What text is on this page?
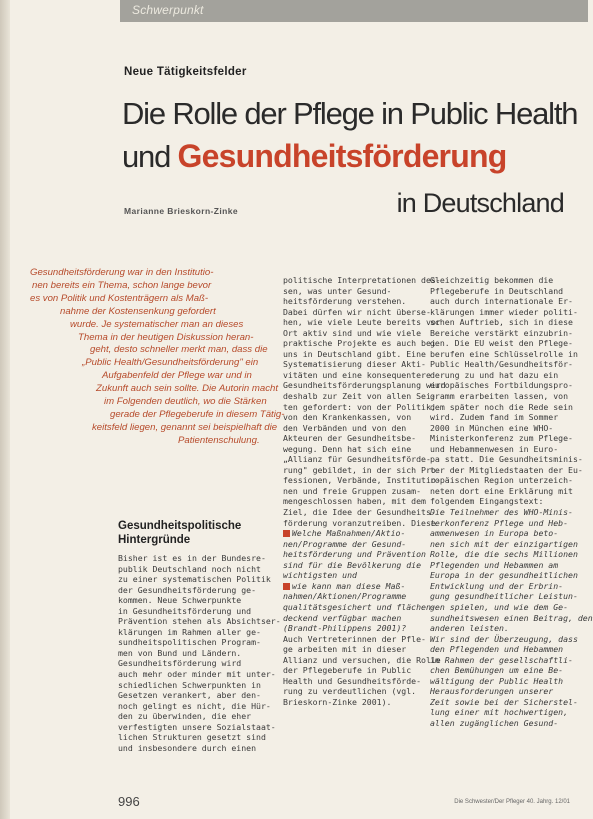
Schwerpunkt
Neue Tätigkeitsfelder
Die Rolle der Pflege in Public Health
und Gesundheitsförderung
in Deutschland
Marianne Brieskorn-Zinke
Gesundheitsförderung war in den Institutio-
nen bereits ein Thema, schon lange bevor
es von Politik und Kostenträgern als Maß-
nahme der Kostensenkung gefordert
wurde. Je systematischer man an dieses
Thema in der heutigen Diskussion heran-
geht, desto schneller merkt man, dass die
„Public Health/Gesundheitsförderung" ein
Aufgabenfeld der Pflege war und in
Zukunft auch sein sollte. Die Autorin macht
im Folgenden deutlich, wo die Stärken
gerade der Pflegeberufe in diesem Tätig-
keitsfeld liegen, genannt sei beispielhaft die
Patientenschulung.
Gesundheitspolitische Hintergründe
Bisher ist es in der Bundesre-
publik Deutschland noch nicht
zu einer systematischen Politik
der Gesundheitsförderung ge-
kommen. Neue Schwerpunkte
in Gesundheitsförderung und
Prävention stehen als Absichtser-
klärungen im Rahmen aller ge-
sundheitspolitischen Program-
men von Bund und Ländern.
Gesundheitsförderung wird
auch mehr oder minder mit unter-
schiedlichen Schwerpunkten in
Gesetzen verankert, aber den-
noch gelingt es nicht, die Hür-
den zu überwinden, die eher
verfestigten unsere Sozialstaat-
lichen Strukturen gesetzt sind
und insbesondere durch einen
politische Interpretationen des-
sen, was unter Gesund-
heitsförderung verstehen.
Dabei dürfen wir nicht überse-
hen, wie viele Leute bereits vor
Ort aktiv sind und wie viele
praktische Projekte es auch bei
uns in Deutschland gibt. Eine
Systematisierung dieser Akti-
vitäten und eine konsequentere
Gesundheitsförderungsplanung wird
deshalb zur Zeit von allen Sei-
ten gefordert: von der Politik,
von den Krankenkassen, von
den Verbänden und von den
Akteuren der Gesundheitsbe-
wegung. Denn hat sich eine
„Allianz für Gesundheitsförde-
rung" gebildet, in der sich Pro-
fessionen, Verbände, Institutio-
nen und freie Gruppen zusam-
mengeschlossen haben, mit dem
Ziel, die Idee der Gesundheits-
förderung voranzutreiben. Diese
Welche Maßnahmen/Aktio-
nen/Programme der Gesund-
heitsförderung und Prävention
sind für die Bevölkerung die
wichtigsten und
wie kann man diese Maß-
nahmen/Aktionen/Programme
qualitätsgesichert und flächen-
deckend verfügbar machen
(Brandt-Philippens 2001)?
Auch Vertreterinnen der Pfle-
ge arbeiten mit in dieser
Allianz und versuchen, die Rolle
der Pflegeberufe in Public
Health und Gesundheitsförde-
rung zu verdeutlichen (vgl.
Brieskorn-Zinke 2001).
Gleichzeitig bekommen die
Pflegeberufe in Deutschland
auch durch internationale Er-
klärungen immer wieder politi-
schen Auftrieb, sich in diese
Bereiche verstärkt einzubrin-
gen. Die EU weist den Pflege-
berufen eine Schlüsselrolle in
Public Health/Gesundheitsför-
derung zu und hat dazu ein
europäisches Fortbildungspro-
gramm erarbeiten lassen, von
dem später noch die Rede sein
wird. Zudem fand im Sommer
2000 in München eine WHO-
Ministerkonferenz zum Pflege-
und Hebammenwesen in Euro-
pa statt. Die Gesundheitsminis-
ter der Mitgliedstaaten der Eu-
ropäischen Region unterzeich-
neten dort eine Erklärung mit
folgendem Eingangstext:
Die Teilnehmer des WHO-Minis-
terkonferenz Pflege und Heb-
ammenwesen in Europa beto-
nen sich mit der einzigartigen
Rolle, die die sechs Millionen
Pflegenden und Hebammen am
Europa in der gesundheitlichen
Entwicklung und der Erbrin-
gung gesundheitlicher Leistun-
gen spielen, und wie dem Ge-
sundheitswesen einen Beitrag, den
anderen leisten.
Wir sind der Überzeugung, dass
den Pflegenden und Hebammen
im Rahmen der gesellschaftli-
chen Bemühungen um eine Be-
wältigung der Public Health
Herausforderungen unserer
Zeit sowie bei der Sicherstel-
lung einer mit hochwertigen,
allen zugänglichen Gesund-
996	Die Schwester/Der Pfleger 40. Jahrg. 12/01
